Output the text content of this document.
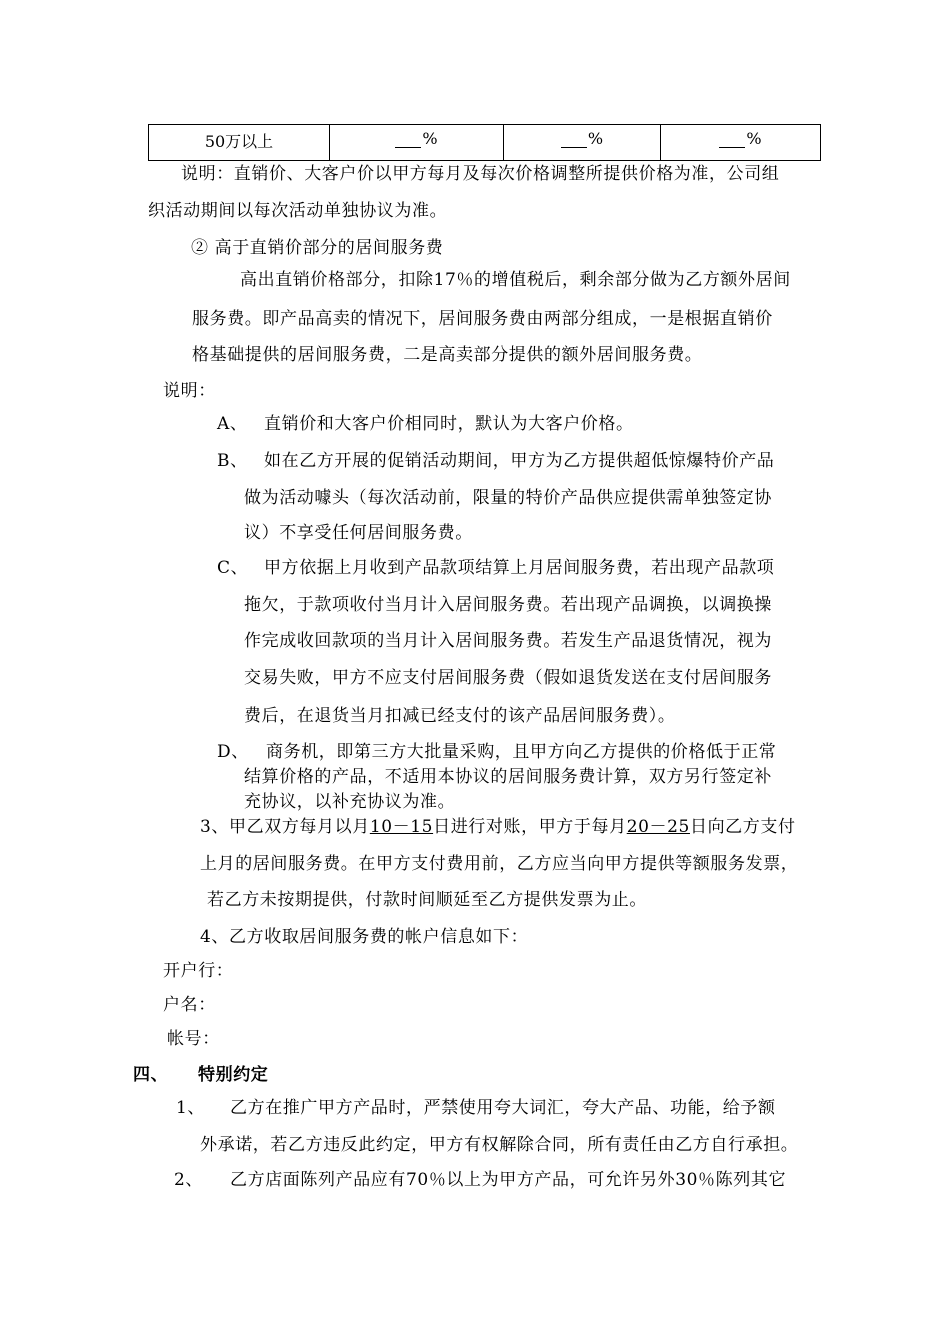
50万以上	%	%	%
说明：直销价、大客户价以甲方每月及每次价格调整所提供价格为准，公司组
织活动期间以每次活动单独协议为准。
② 高于直销价部分的居间服务费
高出直销价格部分，扣除17％的增值税后，剩余部分做为乙方额外居间
服务费。即产品高卖的情况下，居间服务费由两部分组成，一是根据直销价
格基础提供的居间服务费，二是高卖部分提供的额外居间服务费。
说明：
A、 直销价和大客户价相同时，默认为大客户价格。
B、 如在乙方开展的促销活动期间，甲方为乙方提供超低惊爆特价产品
做为活动噱头（每次活动前，限量的特价产品供应提供需单独签定协
议）不享受任何居间服务费。
C、 甲方依据上月收到产品款项结算上月居间服务费，若出现产品款项
拖欠，于款项收付当月计入居间服务费。若出现产品调换，以调换操
作完成收回款项的当月计入居间服务费。若发生产品退货情况，视为
交易失败，甲方不应支付居间服务费（假如退货发送在支付居间服务
费后，在退货当月扣减已经支付的该产品居间服务费）。
D、 商务机，即第三方大批量采购，且甲方向乙方提供的价格低于正常
结算价格的产品，不适用本协议的居间服务费计算，双方另行签定补
充协议，以补充协议为准。
3、甲乙双方每月以月10－15日进行对账，甲方于每月20－25日向乙方支付
上月的居间服务费。在甲方支付费用前，乙方应当向甲方提供等额服务发票，
若乙方未按期提供，付款时间顺延至乙方提供发票为止。
4、乙方收取居间服务费的帐户信息如下：
开户行：
户名：
帐号：
四、 特别约定
1、 乙方在推广甲方产品时，严禁使用夸大词汇，夸大产品、功能，给予额
外承诺，若乙方违反此约定，甲方有权解除合同，所有责任由乙方自行承担。
2、 乙方店面陈列产品应有70％以上为甲方产品，可允许另外30％陈列其它
